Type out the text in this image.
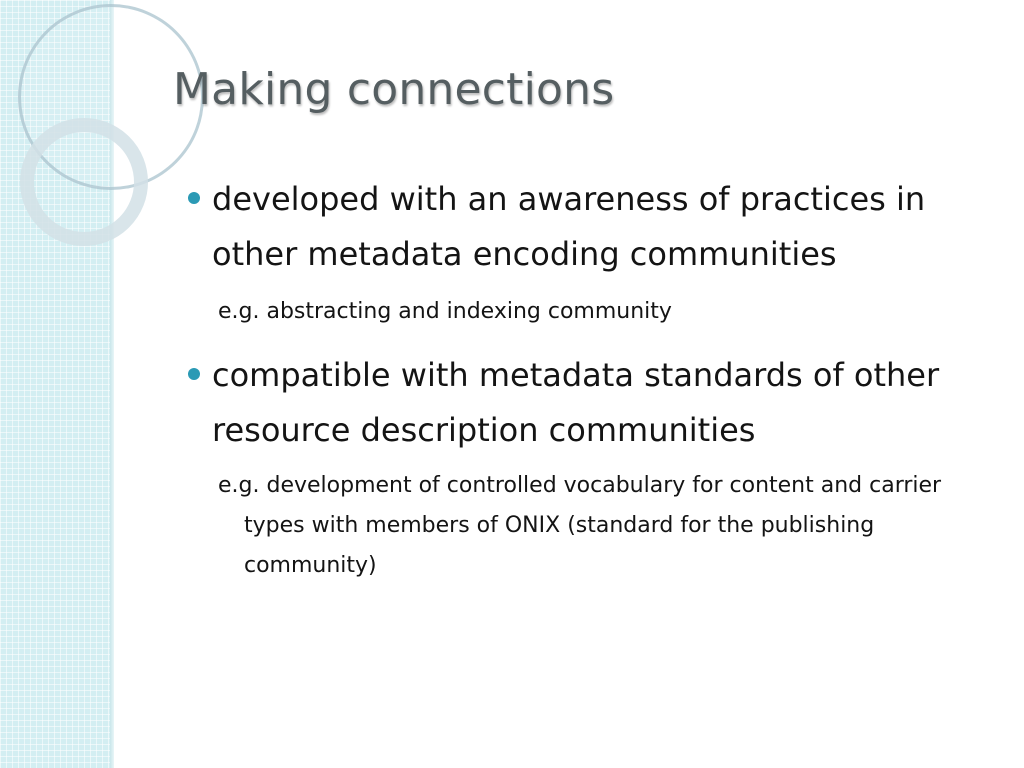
Making connections
developed with an awareness of practices in other metadata encoding communities
e.g. abstracting and indexing community
compatible with metadata standards of other resource description communities
e.g. development of controlled vocabulary for content and carrier types with members of ONIX (standard for the publishing community)
